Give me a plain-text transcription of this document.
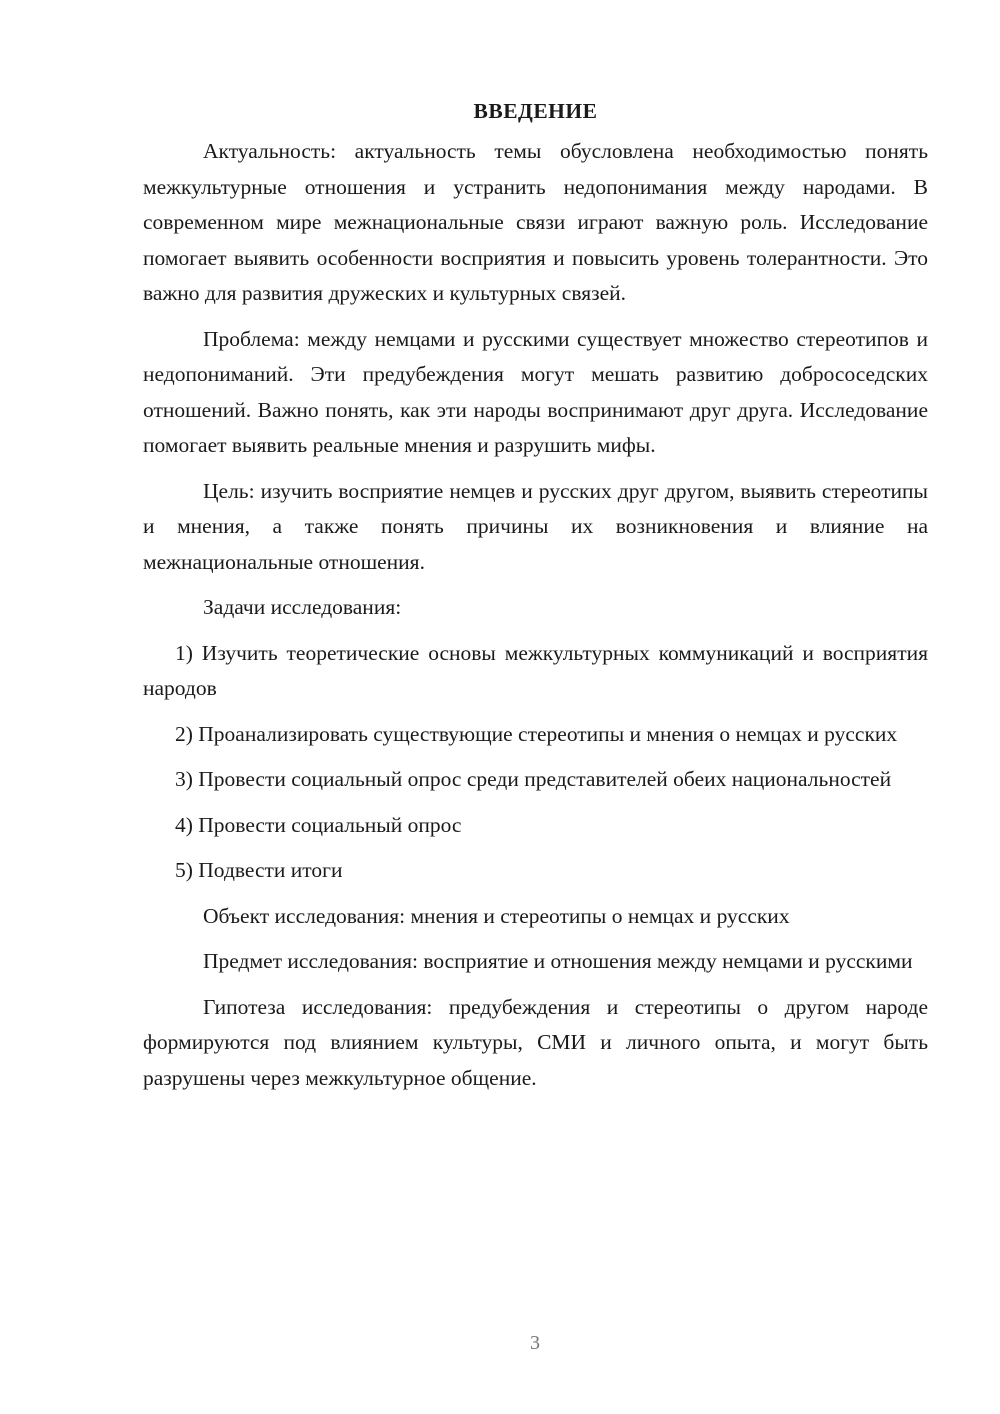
ВВЕДЕНИЕ

Актуальность: актуальность темы обусловлена необходимостью понять межкультурные отношения и устранить недопонимания между народами. В современном мире межнациональные связи играют важную роль. Исследование помогает выявить особенности восприятия и повысить уровень толерантности. Это важно для развития дружеских и культурных связей.

Проблема: между немцами и русскими существует множество стереотипов и недопониманий. Эти предубеждения могут мешать развитию добрососедских отношений. Важно понять, как эти народы воспринимают друг друга. Исследование помогает выявить реальные мнения и разрушить мифы.

Цель: изучить восприятие немцев и русских друг другом, выявить стереотипы и мнения, а также понять причины их возникновения и влияние на межнациональные отношения.

Задачи исследования:

1) Изучить теоретические основы межкультурных коммуникаций и восприятия народов

2) Проанализировать существующие стереотипы и мнения о немцах и русских

3) Провести социальный опрос среди представителей обеих национальностей

4) Провести социальный опрос

5) Подвести итоги

Объект исследования: мнения и стереотипы о немцах и русских

Предмет исследования: восприятие и отношения между немцами и русскими

Гипотеза исследования: предубеждения и стереотипы о другом народе формируются под влиянием культуры, СМИ и личного опыта, и могут быть разрушены через межкультурное общение.

3
